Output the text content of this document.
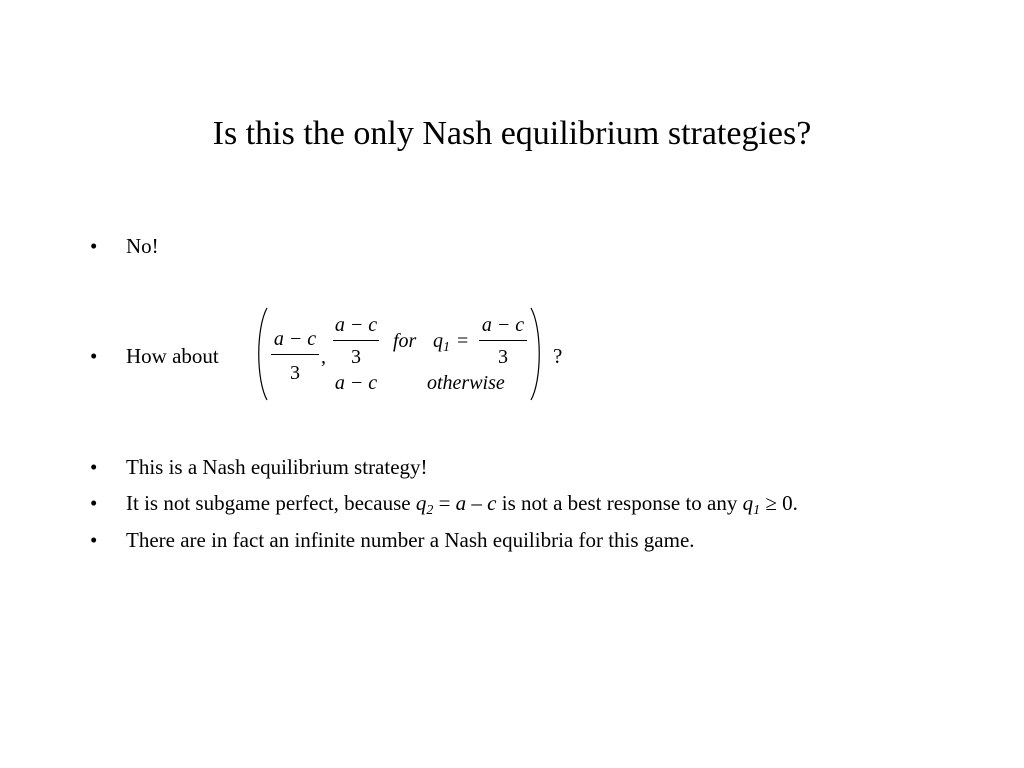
Is this the only Nash equilibrium strategies?
• No!
• How about
a − c
3
,
a − c
3
for $q_1$ =
a − c
3
a − c otherwise
?
• This is a Nash equilibrium strategy!
• It is not subgame perfect, because $q_2 = a - c$ is not a best response to any $q_1 \ge 0$.
• There are in fact an infinite number a Nash equilibria for this game.
